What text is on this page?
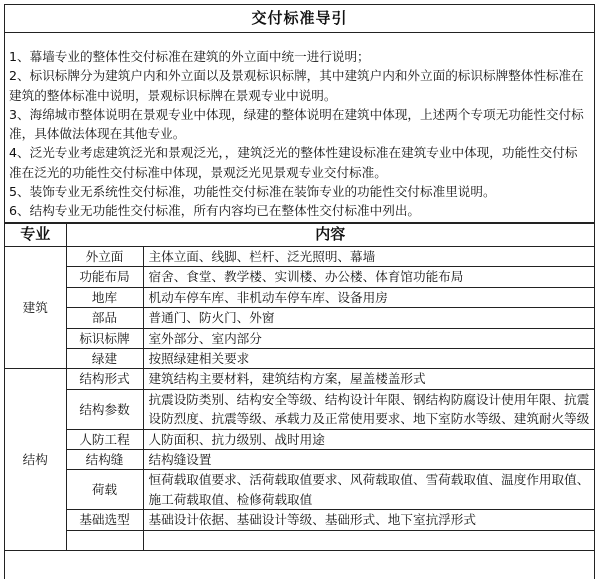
交付标准导引

1、幕墙专业的整体性交付标准在建筑的外立面中统一进行说明；

2、标识标牌分为建筑户内和外立面以及景观标识标牌，其中建筑户内和外立面的标识标牌整体性标准在建筑的整体标准中说明，景观标识标牌在景观专业中说明。

3、海绵城市整体说明在景观专业中体现，绿建的整体说明在建筑中体现，上述两个专项无功能性交付标准，具体做法体现在其他专业。

4、泛光专业考虑建筑泛光和景观泛光，，建筑泛光的整体性建设标准在建筑专业中体现，功能性交付标准在泛光的功能性交付标准中体现，景观泛光见景观专业交付标准。

5、装饰专业无系统性交付标准，功能性交付标准在装饰专业的功能性交付标准里说明。

6、结构专业无功能性交付标准，所有内容均已在整体性交付标准中列出。

专业	内容	
建筑	外立面	主体立面、线脚、栏杆、泛光照明、幕墙
	功能布局	宿舍、食堂、教学楼、实训楼、办公楼、体育馆功能布局
	地库	机动车停车库、非机动车停车库、设备用房
	部品	普通门、防火门、外窗
	标识标牌	室外部分、室内部分
	绿建	按照绿建相关要求
结构	结构形式	建筑结构主要材料，建筑结构方案，屋盖楼盖形式
	结构参数	抗震设防类别、结构安全等级、结构设计年限、钢结构防腐设计使用年限、抗震设防烈度、抗震等级、承载力及正常使用要求、地下室防水等级、建筑耐火等级
	人防工程	人防面积、抗力级别、战时用途
	结构缝	结构缝设置
	荷载	恒荷载取值要求、活荷载取值要求、风荷载取值、雪荷载取值、温度作用取值、施工荷载取值、检修荷载取值
	基础选型	基础设计依据、基础设计等级、基础形式、地下室抗浮形式
